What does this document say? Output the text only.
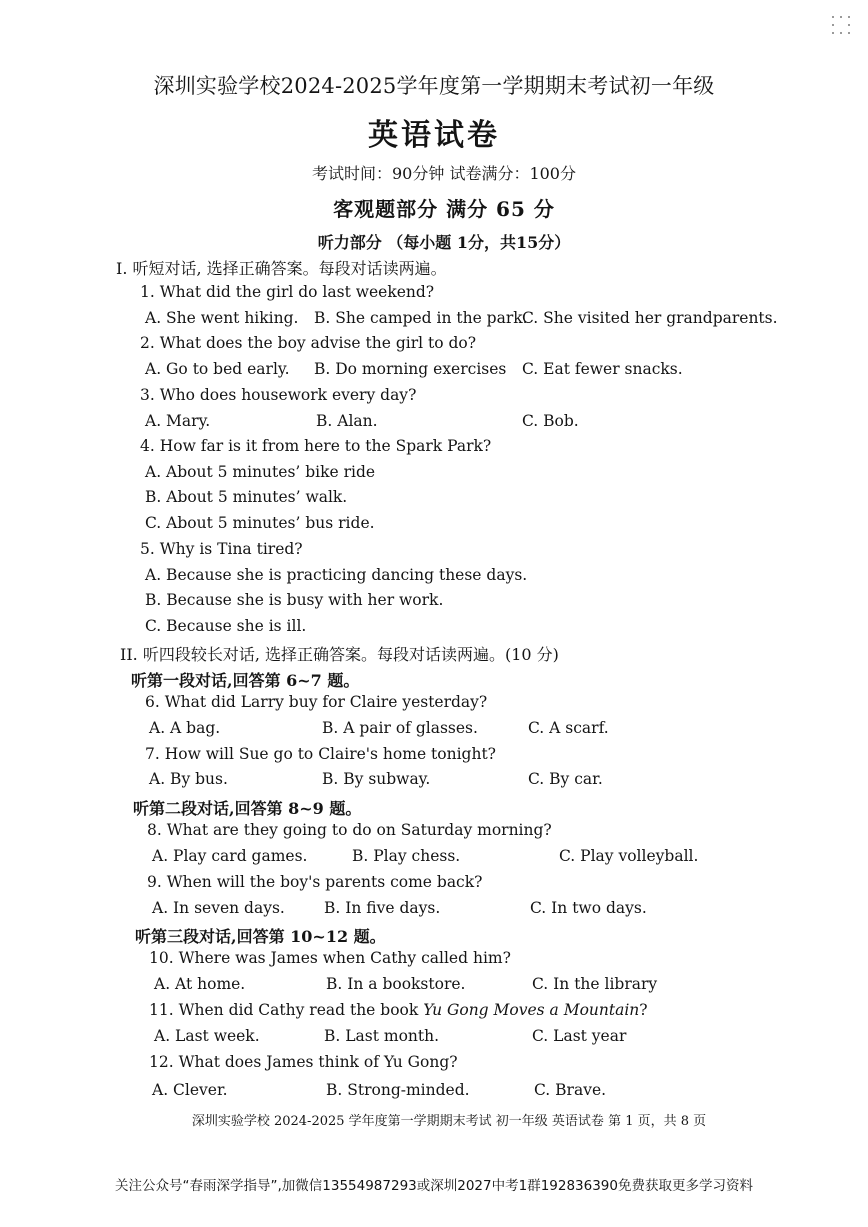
深圳实验学校2024-2025学年度第一学期期末考试初一年级
英语试卷
考试时间：90分钟 试卷满分：100分
客观题部分 满分 65 分
听力部分 （每小题 1分，共15分）
I. 听短对话, 选择正确答案。每段对话读两遍。
1. What did the girl do last weekend?
A. She went hiking. B. She camped in the park.
C. She visited her grandparents.
2. What does the boy advise the girl to do?
A. Go to bed early. B. Do morning exercises C. Eat fewer snacks.
3. Who does housework every day?
A. Mary.	B. Alan.	C. Bob.
4. How far is it from here to the Spark Park?
A. About 5 minutes’ bike ride
B. About 5 minutes’ walk.
C. About 5 minutes’ bus ride.
5. Why is Tina tired?
A. Because she is practicing dancing these days.
B. Because she is busy with her work.
C. Because she is ill.
II. 听四段较长对话, 选择正确答案。每段对话读两遍。(10 分)
听第一段对话,回答第 6~7 题。
6. What did Larry buy for Claire yesterday?
A. A bag.	B. A pair of glasses.	C. A scarf.
7. How will Sue go to Claire's home tonight?
A. By bus.	B. By subway.	C. By car.
听第二段对话,回答第 8~9 题。
8. What are they going to do on Saturday morning?
A. Play card games.	B. Play chess.	C. Play volleyball.
9. When will the boy's parents come back?
A. In seven days.	B. In five days.	C. In two days.
听第三段对话,回答第 10~12 题。
10. Where was James when Cathy called him?
A. At home.	B. In a bookstore.	C. In the library
11. When did Cathy read the book Yu Gong Moves a Mountain?
A. Last week.	B. Last month.	C. Last year
12. What does James think of Yu Gong?
A. Clever.	B. Strong-minded.	C. Brave.
深圳实验学校 2024-2025 学年度第一学期期末考试 初一年级 英语试卷 第 1 页，共 8 页
关注公众号“春雨深学指导”,加微信13554987293或深圳2027中考1群192836390免费获取更多学习资料
